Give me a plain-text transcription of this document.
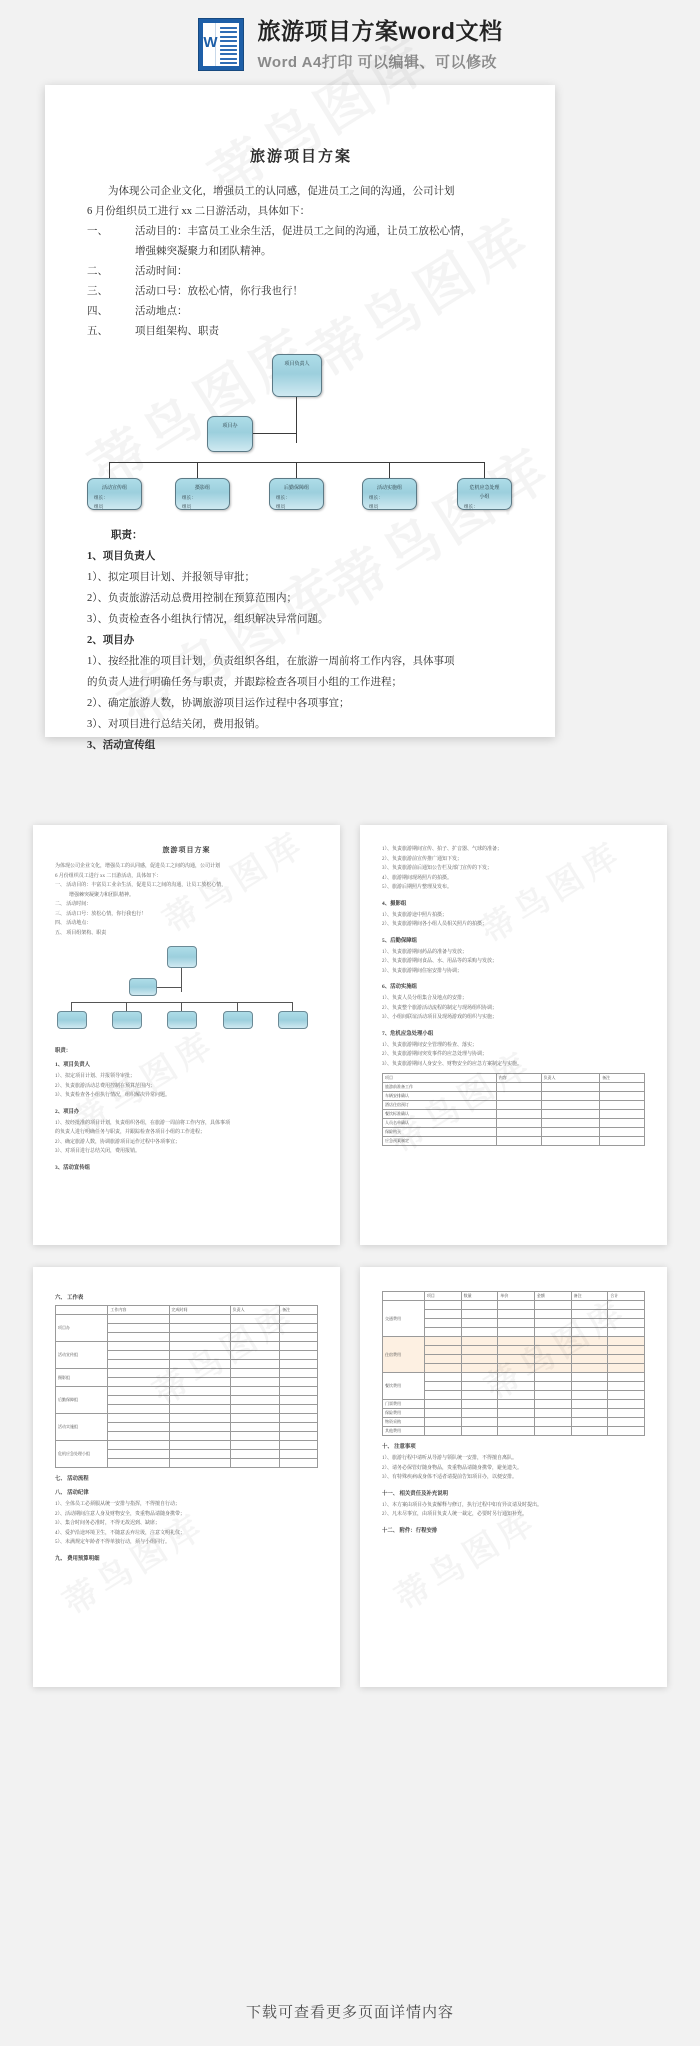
W 旅游项目方案word文档
Word A4打印 可以编辑、可以修改
旅游项目方案
为体现公司企业文化，增强员工的认同感，促进员工之间的沟通，公司计划
6 月份组织员工进行 xx 二日游活动，具体如下：
一、	活动目的：丰富员工业余生活，促进员工之间的沟通，让员工放松心情，
增强棘突凝聚力和团队精神。
二、	活动时间：
三、	活动口号：放松心情，你行我也行！
四、	活动地点：
五、	项目组架构、职责
项目负责人
项目办
活动宣传组
组长：
组员
摄影组
组长：
组员
后勤保障组
组长：
组员
活动实施组
组长：
组员
危机应急处理
小组
组长：
职责：
1、项目负责人
1）、拟定项目计划、并报领导审批；
2）、负责旅游活动总费用控制在预算范围内；
3）、负责检查各小组执行情况，组织解决异常问题。
2、项目办
1）、按经批准的项目计划，负责组织各组，在旅游一周前将工作内容，具体事项
的负责人进行明确任务与职责，并跟踪检查各项目小组的工作进程；
2）、确定旅游人数，协调旅游项目运作过程中各项事宜；
3）、对项目进行总结关闭，费用报销。
3、活动宣传组
旅游项目方案
为体现公司企业文化，增强员工的认同感，促进员工之间的沟通，公司计划
6 月份组织员工进行 xx 二日游活动，具体如下：
一、 活动目的：丰富员工业余生活，促进员工之间的沟通，让员工放松心情，
增强棘突凝聚力和团队精神。
二、 活动时间：
三、 活动口号：放松心情，你行我也行！
四、 活动地点：
五、 项目组架构、职责
职责：
1、项目负责人
1）、拟定项目计划、并报领导审批；
2）、负责旅游活动总费用控制在预算范围内；
3）、负责检查各小组执行情况，组织解决异常问题。
2、项目办
1）、按经批准的项目计划，负责组织各组，在旅游一周前将工作内容，具体事项
的负责人进行明确任务与职责，并跟踪检查各项目小组的工作进程；
2）、确定旅游人数，协调旅游项目运作过程中各项事宜；
3）、对项目进行总结关闭，费用报销。
3、活动宣传组
1）、负责旅游期间宣传、拍子、扩音器、气球的准备；
2）、负责旅游前宣传推广通知下发；
3）、负责旅游前后通知公告栏及部门宣传的下发；
4）、旅游期间现场照片的拍摄。
5）、旅游后期照片整理及发布。
4、摄影组
1）、负责旅游途中照片拍摄；
2）、负责旅游期间各小组人员相关照片的拍摄；
5、后勤保障组
1）、负责旅游期间药品的准备与发放；
2）、负责旅游期间食品、水、用品等的采购与发放；
3）、负责旅游期间住宿安排与协调；
6、活动实施组
1）、负责人员分组集合及地点的安排；
2）、负责整个旅游活动流程的制定与现场组织协调；
3）、小组间联谊活动项目及现场游戏的组织与实施；
7、危机应急处理小组
1）、负责旅游期间安全管理的检查、落实；
2）、负责旅游期间突发事件的应急处理与协调；
3）、负责旅游期间人身安全、财物安全的应急方案制定与实施。
项目	内容	负责人	备注
旅游前准备工作			
车辆安排确认			
酒店住宿预订			
餐饮标准确认			
人员名单确认			
保险购买			
应急预案制定			
六、 工作表
	工作内容	完成时间	负责人	备注
项目办				

活动宣传组				

摄影组				

后勤保障组				

活动实施组				

危机应急处理小组				

七、 活动流程
八、 活动纪律
1）、全体员工必须服从统一安排与指挥，不得擅自行动；
2）、活动期间注意人身及财物安全，贵重物品请随身携带；
3）、集合时间务必准时，不得无故迟到、缺席；
4）、爱护沿途环境卫生，不随意丢弃垃圾，注意文明礼仪；
5）、未满规定年龄者不得单独行动，须与小组同行。
九、 费用预算明细
	项目	数量	单价	金额	备注	合计
交通费用						

住宿费用						

餐饮费用						

门票费用						
保险费用						
物资采购						
其他费用						
十、 注意事项
1）、旅游行程中请听从导游与领队统一安排，不得擅自离队。
2）、请务必保管好随身物品，贵重物品请随身携带，避免遗失。
3）、有特殊疾病或身体不适者请提前告知项目办，以便安排。
十一、 相关责任及补充说明
1）、本方案由项目办负责解释与修订，执行过程中如有异议请及时提出。
2）、凡未尽事宜，由项目负责人统一裁定，必要时另行通知补充。
十二、 附件：行程安排
下载可查看更多页面详情内容
